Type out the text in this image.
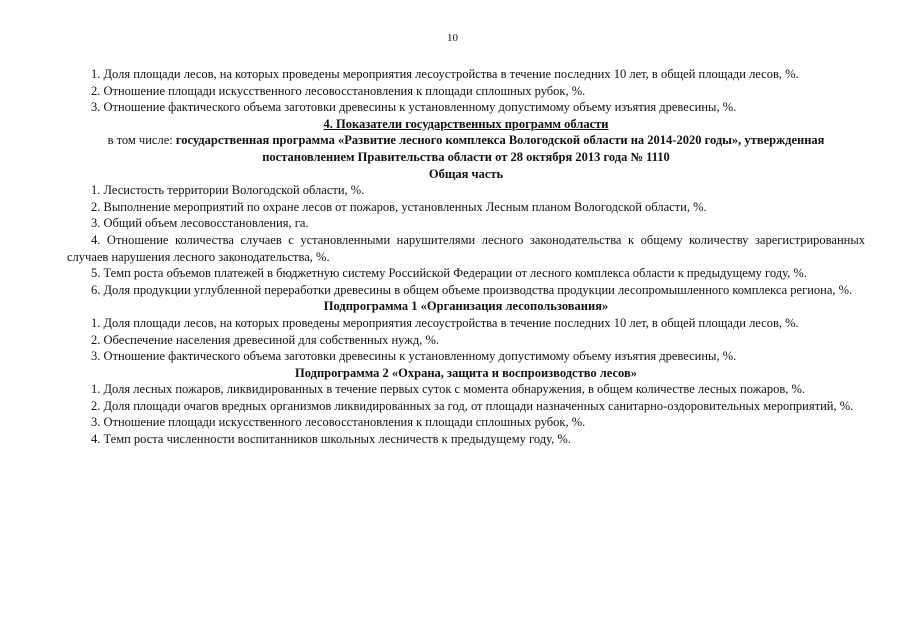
10

1. Доля площади лесов, на которых проведены мероприятия лесоустройства в течение последних 10 лет, в общей площади лесов, %.

2. Отношение площади искусственного лесовосстановления к площади сплошных рубок, %.

3. Отношение фактического объема заготовки древесины к установленному допустимому объему изъятия древесины, %.

4. Показатели государственных программ области

в том числе: государственная программа «Развитие лесного комплекса Вологодской области на 2014-2020 годы», утвержденная постановлением Правительства области от 28 октября 2013 года № 1110

Общая часть

1. Лесистость территории Вологодской области, %.

2. Выполнение мероприятий по охране лесов от пожаров, установленных Лесным планом Вологодской области, %.

3. Общий объем лесовосстановления, га.

4. Отношение количества случаев с установленными нарушителями лесного законодательства к общему количеству зарегистрированных случаев нарушения лесного законодательства, %.

5. Темп роста объемов платежей в бюджетную систему Российской Федерации от лесного комплекса области к предыдущему году, %.

6. Доля продукции углубленной переработки древесины в общем объеме производства продукции лесопромышленного комплекса региона, %.

Подпрограмма 1 «Организация лесопользования»

1. Доля площади лесов, на которых проведены мероприятия лесоустройства в течение последних 10 лет, в общей площади лесов, %.

2. Обеспечение населения древесиной для собственных нужд, %.

3. Отношение фактического объема заготовки древесины к установленному допустимому объему изъятия древесины, %.

Подпрограмма 2 «Охрана, защита и воспроизводство лесов»

1. Доля лесных пожаров, ликвидированных в течение первых суток с момента обнаружения, в общем количестве лесных пожаров, %.

2. Доля площади очагов вредных организмов ликвидированных за год, от площади назначенных санитарно-оздоровительных мероприятий, %.

3. Отношение площади искусственного лесовосстановления к площади сплошных рубок, %.

4. Темп роста численности воспитанников школьных лесничеств к предыдущему году, %.
